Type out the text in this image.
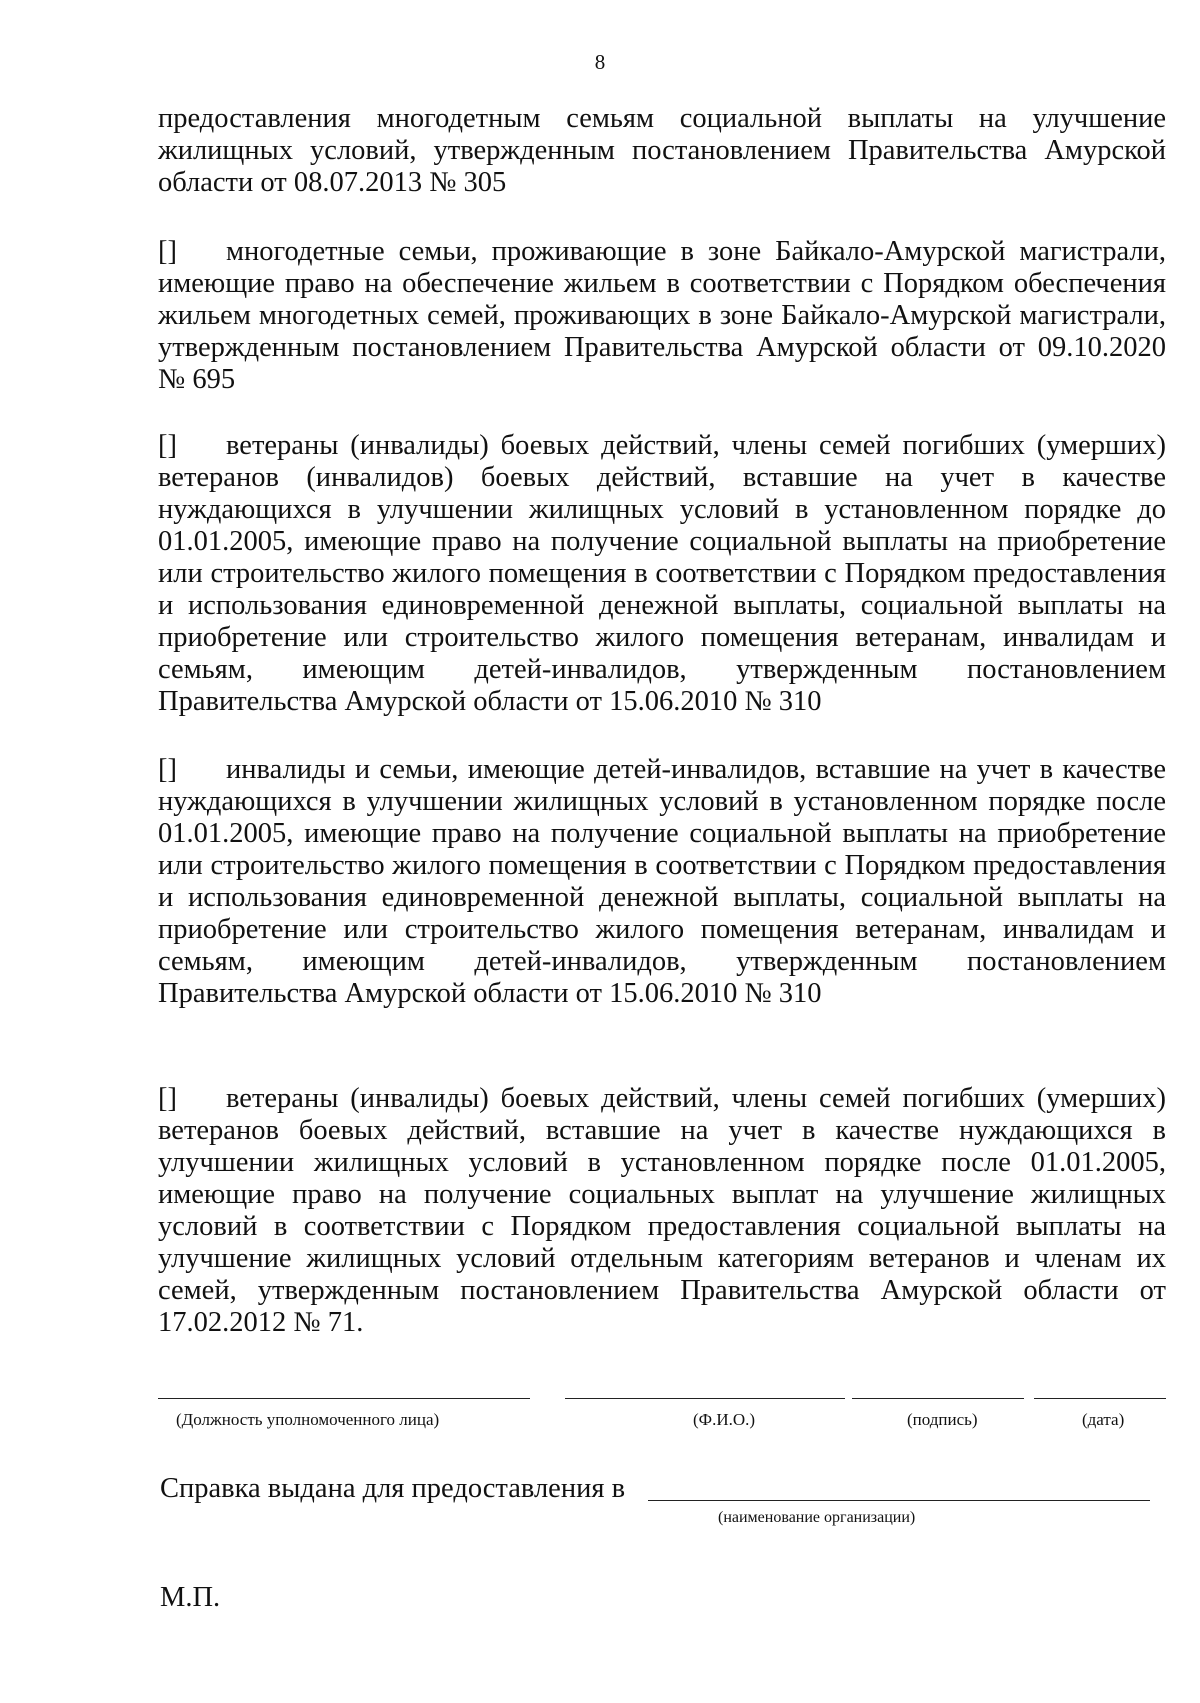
8
предоставления многодетным семьям социальной выплаты на улучшение жилищных условий, утвержденным постановлением Правительства Амурской области от 08.07.2013 № 305
[] многодетные семьи, проживающие в зоне Байкало-Амурской магистрали, имеющие право на обеспечение жильем в соответствии с Порядком обеспечения жильем многодетных семей, проживающих в зоне Байкало-Амурской магистрали, утвержденным постановлением Правительства Амурской области от 09.10.2020 № 695
[] ветераны (инвалиды) боевых действий, члены семей погибших (умерших) ветеранов (инвалидов) боевых действий, вставшие на учет в качестве нуждающихся в улучшении жилищных условий в установленном порядке до 01.01.2005, имеющие право на получение социальной выплаты на приобретение или строительство жилого помещения в соответствии с Порядком предоставления и использования единовременной денежной выплаты, социальной выплаты на приобретение или строительство жилого помещения ветеранам, инвалидам и семьям, имеющим детей-инвалидов, утвержденным постановлением Правительства Амурской области от 15.06.2010 № 310
[] инвалиды и семьи, имеющие детей-инвалидов, вставшие на учет в качестве нуждающихся в улучшении жилищных условий в установленном порядке после 01.01.2005, имеющие право на получение социальной выплаты на приобретение или строительство жилого помещения в соответствии с Порядком предоставления и использования единовременной денежной выплаты, социальной выплаты на приобретение или строительство жилого помещения ветеранам, инвалидам и семьям, имеющим детей-инвалидов, утвержденным постановлением Правительства Амурской области от 15.06.2010 № 310
[] ветераны (инвалиды) боевых действий, члены семей погибших (умерших) ветеранов боевых действий, вставшие на учет в качестве нуждающихся в улучшении жилищных условий в установленном порядке после 01.01.2005, имеющие право на получение социальных выплат на улучшение жилищных условий в соответствии с Порядком предоставления социальной выплаты на улучшение жилищных условий отдельным категориям ветеранов и членам их семей, утвержденным постановлением Правительства Амурской области от 17.02.2012 № 71.
(Должность уполномоченного лица)	(Ф.И.О.)	(подпись)	(дата)
Справка выдана для предоставления в
(наименование организации)
М.П.
